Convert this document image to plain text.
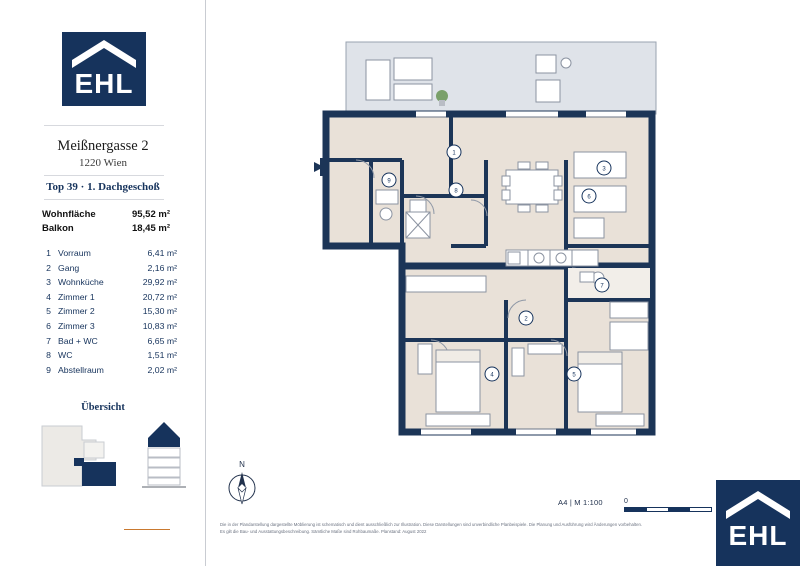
EHL
Meißnergasse 2
1220 Wien
Top 39 · 1. Dachgeschoß
Wohnfläche	95,52 m²
Balkon	18,45 m²
1 Vorraum	6,41 m²
2 Gang	2,16 m²
3 Wohnküche	29,92 m²
4 Zimmer 1	20,72 m²
5 Zimmer 2	15,30 m²
6 Zimmer 3	10,83 m²
7 Bad + WC	6,65 m²
8 WC	1,51 m²
9 Abstellraum	2,02 m²
Übersicht
1
8
3
6
7
2
4	5
9
N
A4 | M 1:100	0
Die in der Plandarstellung dargestellte Möblierung ist schematisch und dient ausschließlich zur Illustration. Diese Darstellungen sind unverbindliche Planbeispiele. Die Planung und Ausführung wird Änderungen vorbehalten.
Es gilt die Bau- und Ausstattungsbeschreibung. Sämtliche Maße sind Rohbaumaße. Planstand: August 2022	EHL
